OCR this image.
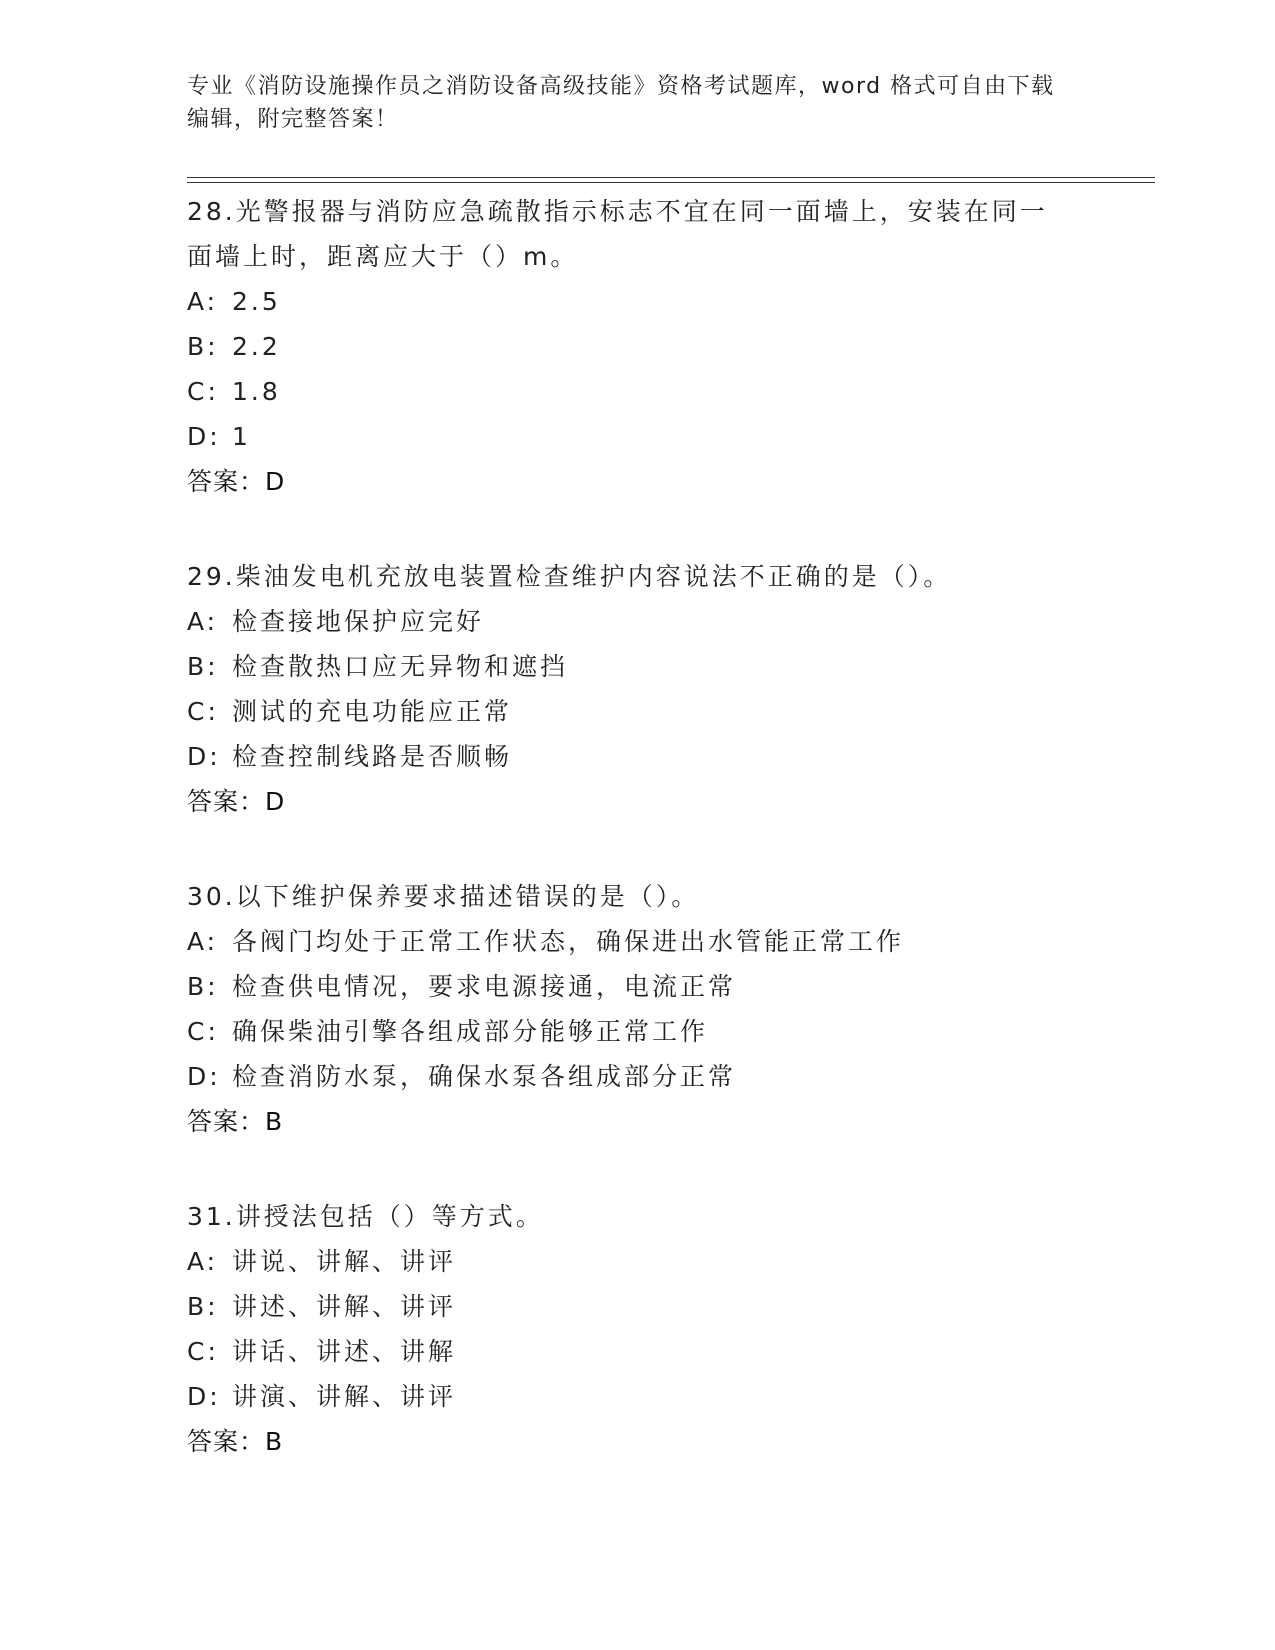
专业《消防设施操作员之消防设备高级技能》资格考试题库，word 格式可自由下载编辑，附完整答案！

28.光警报器与消防应急疏散指示标志不宜在同一面墙上，安装在同一面墙上时，距离应大于（）m。

A: 2.5
B: 2.2
C: 1.8
D: 1

答案：D

29.柴油发电机充放电装置检查维护内容说法不正确的是（）。

A: 检查接地保护应完好
B: 检查散热口应无异物和遮挡
C: 测试的充电功能应正常
D: 检查控制线路是否顺畅

答案：D

30.以下维护保养要求描述错误的是（）。

A: 各阀门均处于正常工作状态，确保进出水管能正常工作
B: 检查供电情况，要求电源接通，电流正常
C: 确保柴油引擎各组成部分能够正常工作
D: 检查消防水泵，确保水泵各组成部分正常

答案：B

31.讲授法包括（）等方式。

A: 讲说、讲解、讲评
B: 讲述、讲解、讲评
C: 讲话、讲述、讲解
D: 讲演、讲解、讲评

答案：B
